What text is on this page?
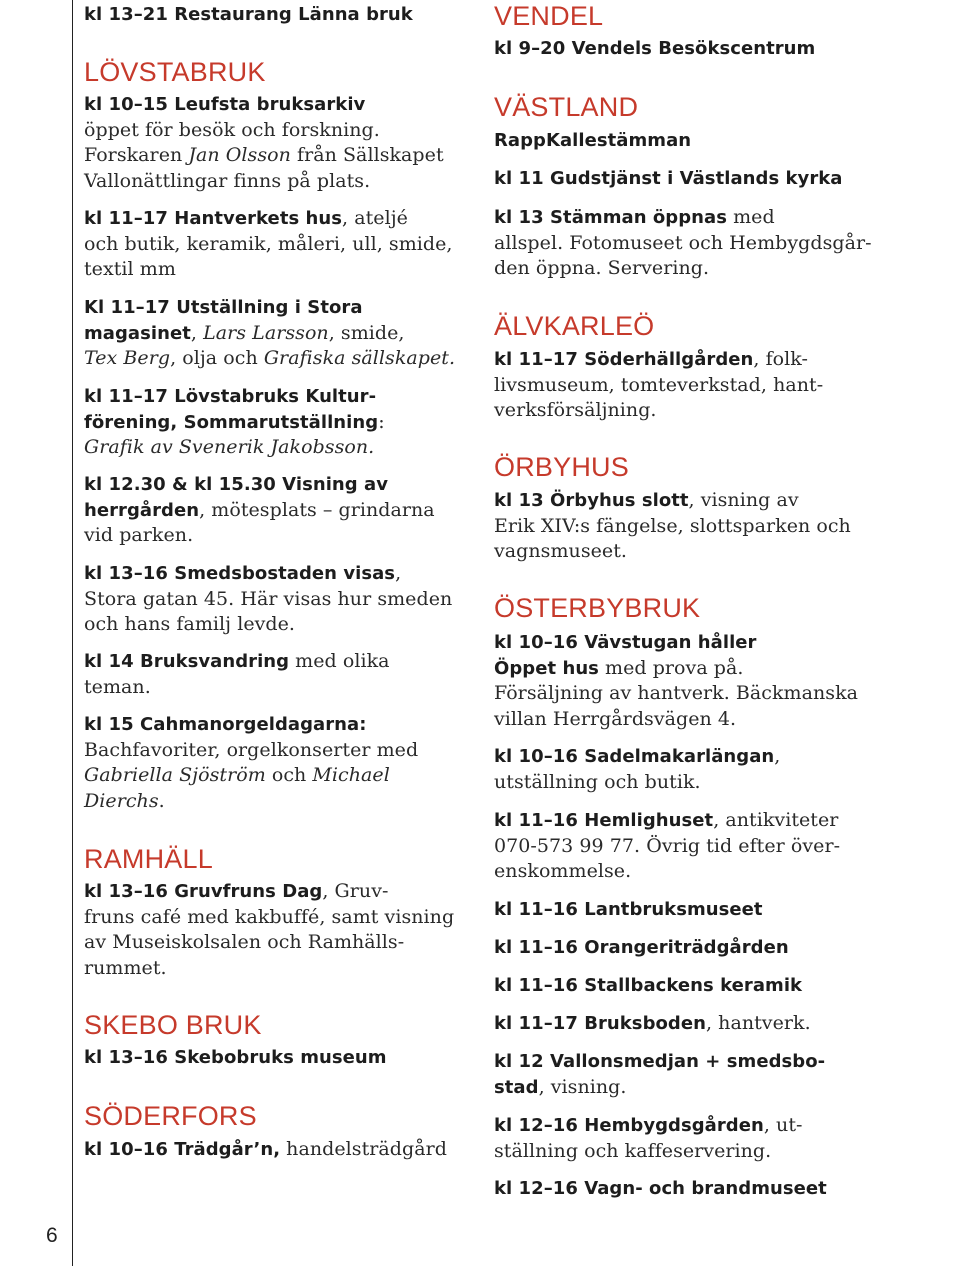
6

kl 13–21 Restaurang Länna bruk

LÖVSTABRUK

kl 10–15 Leufsta bruksarkiv

öppet för besök och forskning.

Forskaren Jan Olsson från Sällskapet

Vallonättlingar finns på plats.

kl 11–17 Hantverkets hus, ateljé

och butik, keramik, måleri, ull, smide,

textil mm

Kl 11–17 Utställning i Stora

magasinet, Lars Larsson, smide,

Tex Berg, olja och Grafiska sällskapet.

kl 11–17 Lövstabruks Kultur-

förening, Sommarutställning:

Grafik av Svenerik Jakobsson.

kl 12.30 & kl 15.30 Visning av

herrgården, mötesplats – grindarna

vid parken.

kl 13–16 Smedsbostaden visas,

Stora gatan 45. Här visas hur smeden

och hans familj levde.

kl 14 Bruksvandring med olika

teman.

kl 15 Cahmanorgeldagarna:

Bachfavoriter, orgelkonserter med

Gabriella Sjöström och Michael

Dierchs.

RAMHÄLL

kl 13–16 Gruvfruns Dag, Gruv-

fruns café med kakbuffé, samt visning

av Museiskolsalen och Ramhälls-

rummet.

SKEBO BRUK

kl 13–16 Skebobruks museum

SÖDERFORS

kl 10–16 Trädgår’n, handelsträdgård

VENDEL

kl 9–20 Vendels Besökscentrum

VÄSTLAND

RappKallestämman

kl 11 Gudstjänst i Västlands kyrka

kl 13 Stämman öppnas med

allspel. Fotomuseet och Hembygdsgår-

den öppna. Servering.

ÄLVKARLEÖ

kl 11–17 Söderhällgården, folk-

livsmuseum, tomteverkstad, hant-

verksförsäljning.

ÖRBYHUS

kl 13 Örbyhus slott, visning av

Erik XIV:s fängelse, slottsparken och

vagnsmuseet.

ÖSTERBYBRUK

kl 10–16 Vävstugan håller

Öppet hus med prova på.

Försäljning av hantverk. Bäckmanska

villan Herrgårdsvägen 4.

kl 10–16 Sadelmakarlängan,

utställning och butik.

kl 11–16 Hemlighuset, antikviteter

070-573 99 77. Övrig tid efter över-

enskommelse.

kl 11–16 Lantbruksmuseet

kl 11–16 Orangeriträdgården

kl 11–16 Stallbackens keramik

kl 11–17 Bruksboden, hantverk.

kl 12 Vallonsmedjan + smedsbo-

stad, visning.

kl 12–16 Hembygdsgården, ut-

ställning och kaffeservering.

kl 12–16 Vagn- och brandmuseet
